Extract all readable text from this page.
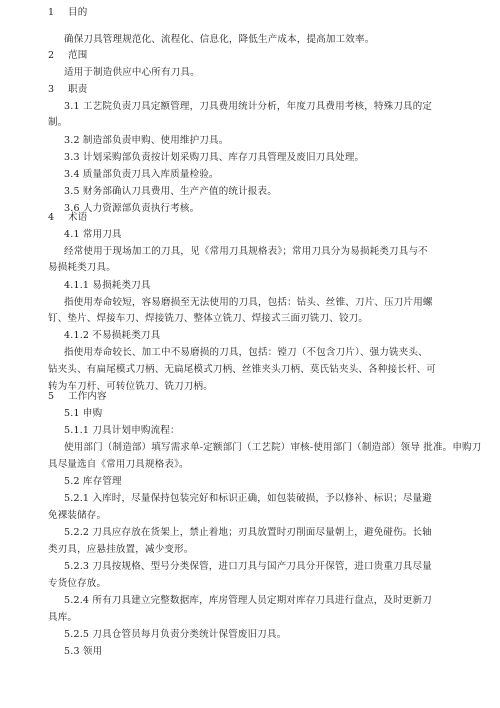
1 目的
确保刀具管理规范化、流程化、信息化，降低生产成本，提高加工效率。
2 范围
适用于制造供应中心所有刀具。
3 职责
3.1 工艺院负责刀具定额管理，刀具费用统计分析，年度刀具费用考核，特殊刀具的定
制。
3.2 制造部负责申购、使用维护刀具。
3.3 计划采购部负责按计划采购刀具、库存刀具管理及废旧刀具处理。
3.4 质量部负责刀具入库质量检验。
3.5 财务部确认刀具费用、生产产值的统计报表。
3.6 人力资源部负责执行考核。
4 术语
4.1 常用刀具
经常使用于现场加工的刀具，见《常用刀具规格表》；常用刀具分为易损耗类刀具与不
易损耗类刀具。
4.1.1 易损耗类刀具
指使用寿命较短，容易磨损至无法使用的刀具，包括：钻头、丝锥、刀片、压刀片用螺
钉、垫片、焊接车刀、焊接铣刀、整体立铣刀、焊接式三面刃铣刀、铰刀。
4.1.2 不易损耗类刀具
指使用寿命较长、加工中不易磨损的刀具，包括：镗刀（不包含刀片）、强力铣夹头、
钻夹头、有扁尾模式刀柄、无扁尾模式刀柄、丝锥夹头刀柄、莫氏钻夹头、各种接长杆、可
转为车刀杆、可转位铣刀、铣刀刀柄。
5 工作内容
5.1 申购
5.1.1 刀具计划申购流程：
使用部门（制造部）填写需求单-定额部门（工艺院）审核-使用部门（制造部）领导 批准。申购刀
具尽量选自《常用刀具规格表》。
5.2 库存管理
5.2.1 入库时，尽量保持包装完好和标识正确，如包装破损，予以修补、标识；尽量避
免裸装储存。
5.2.2 刀具应存放在货架上，禁止着地；刃具放置时刃削面尽量朝上，避免碰伤。长轴
类刃具，应悬挂放置，减少变形。
5.2.3 刀具按规格、型号分类保管，进口刀具与国产刀具分开保管，进口贵重刀具尽量
专货位存放。
5.2.4 所有刀具建立完整数据库，库房管理人员定期对库存刀具进行盘点，及时更新刀
具库。
5.2.5 刀具仓管员每月负责分类统计保管废旧刀具。
5.3 领用
